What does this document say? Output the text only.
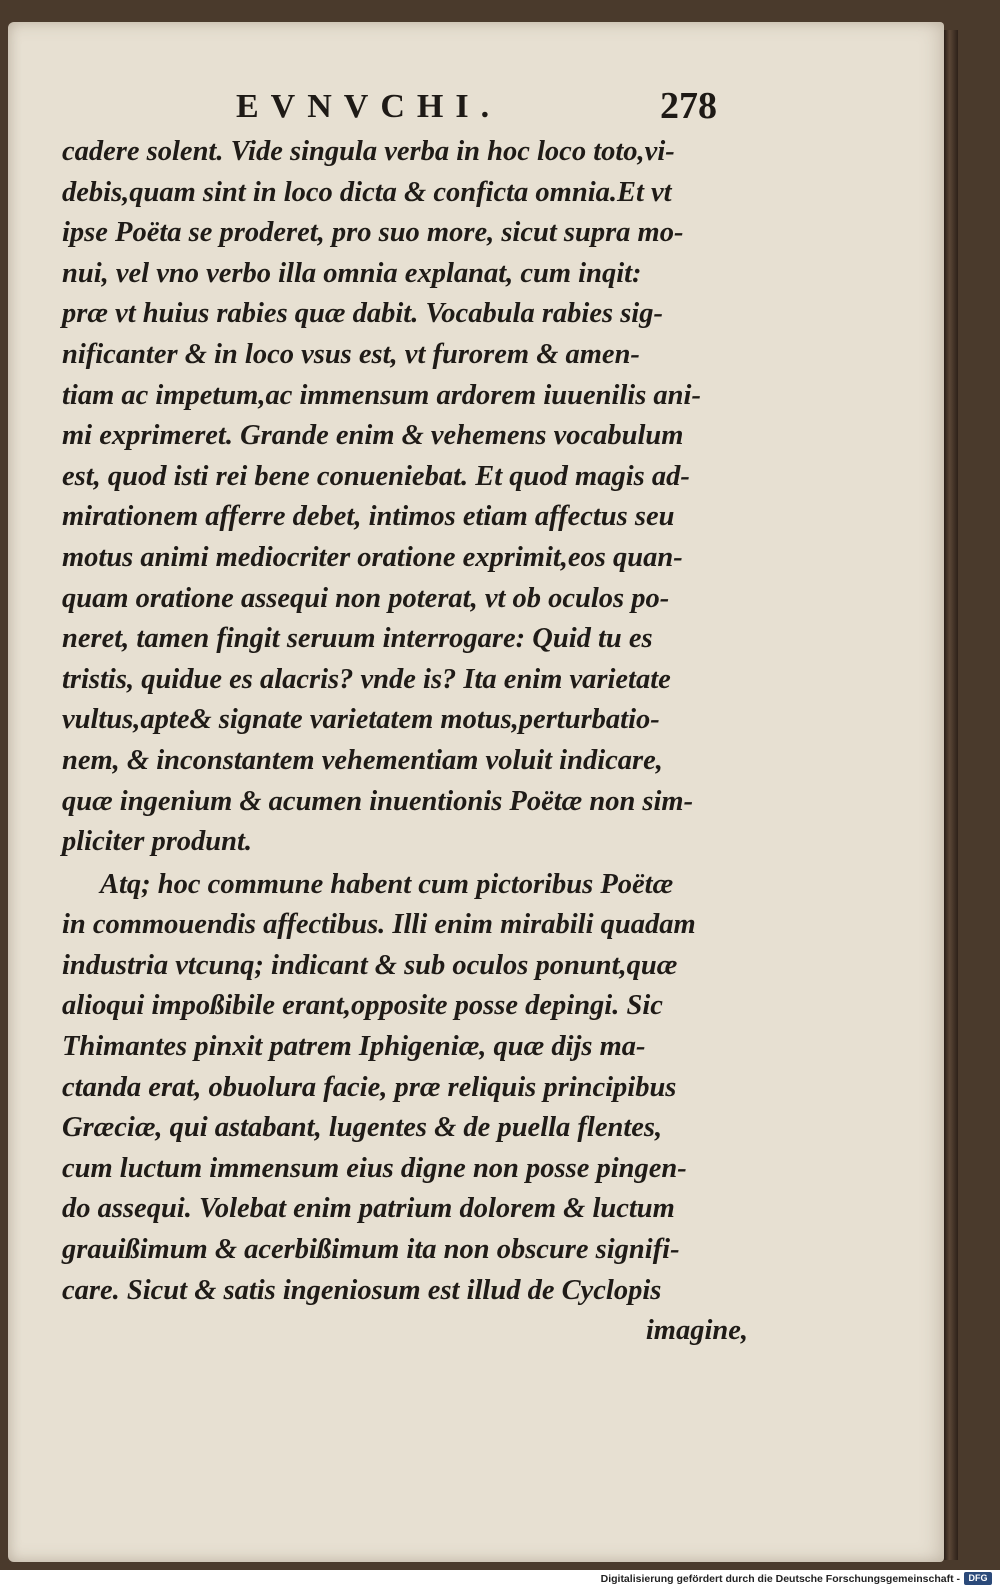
EVNVCHI.	278
cadere solent. Vide singula verba in hoc loco toto,vi-
debis,quam sint in loco dicta & conficta omnia.Et vt
ipse Poëta se proderet, pro suo more, sicut supra mo-
nui, vel vno verbo illa omnia explanat, cum inqit:
præ vt huius rabies quæ dabit. Vocabula rabies sig-
nificanter & in loco vsus est, vt furorem & amen-
tiam ac impetum,ac immensum ardorem iuuenilis ani-
mi exprimeret. Grande enim & vehemens vocabulum
est, quod isti rei bene conueniebat. Et quod magis ad-
mirationem afferre debet, intimos etiam affectus seu
motus animi mediocriter oratione exprimit,eos quan-
quam oratione assequi non poterat, vt ob oculos po-
neret, tamen fingit seruum interrogare: Quid tu es
tristis, quidue es alacris? vnde is? Ita enim varietate
vultus,apte& signate varietatem motus,perturbatio-
nem, & inconstantem vehementiam voluit indicare,
quæ ingenium & acumen inuentionis Poëtæ non sim-
pliciter produnt.
Atq; hoc commune habent cum pictoribus Poëtæ
in commouendis affectibus. Illi enim mirabili quadam
industria vtcunq; indicant & sub oculos ponunt,quæ
alioqui impoßibile erant,opposite posse depingi. Sic
Thimantes pinxit patrem Iphigeniæ, quæ dijs ma-
ctanda erat, obuolura facie, præ reliquis principibus
Græciæ, qui astabant, lugentes & de puella flentes,
cum luctum immensum eius digne non posse pingen-
do assequi. Volebat enim patrium dolorem & luctum
grauißimum & acerbißimum ita non obscure signifi-
care. Sicut & satis ingeniosum est illud de Cyclopis
imagine,
Digitalisierung gefördert durch die Deutsche Forschungsgemeinschaft - DFG
